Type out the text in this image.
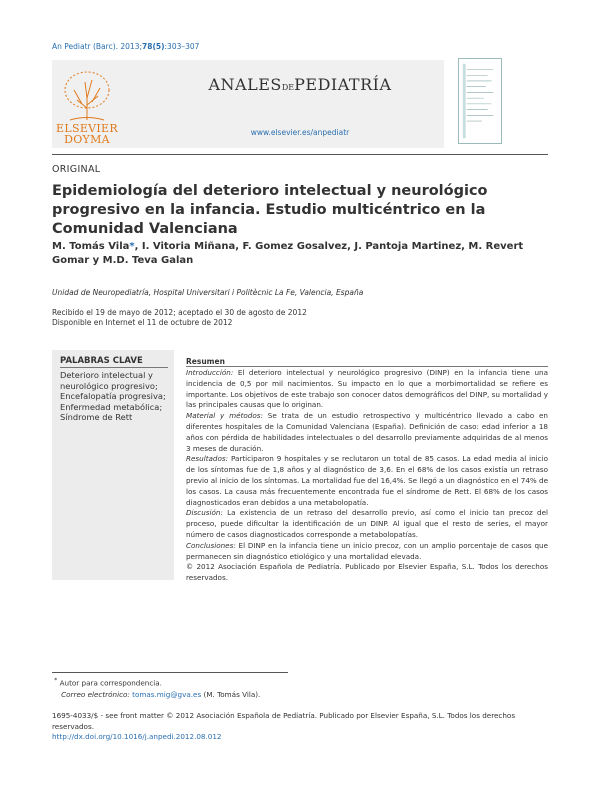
An Pediatr (Barc). 2013;78(5):303–307
ELSEVIER
DOYMA
ANALESDEPEDIATRÍA
www.elsevier.es/anpediatr
ORIGINAL
Epidemiología del deterioro intelectual y neurológico progresivo en la infancia. Estudio multicéntrico en la Comunidad Valenciana
M. Tomás Vila*, I. Vitoria Miñana, F. Gomez Gosalvez, J. Pantoja Martinez, M. Revert Gomar y M.D. Teva Galan
Unidad de Neuropediatría, Hospital Universitari i Politècnic La Fe, Valencia, España
Recibido el 19 de mayo de 2012; aceptado el 30 de agosto de 2012
Disponible en Internet el 11 de octubre de 2012
PALABRAS CLAVE
Deterioro intelectual y neurológico progresivo;
Encefalopatía progresiva;
Enfermedad metabólica;
Síndrome de Rett
Resumen

Introducción: El deterioro intelectual y neurológico progresivo (DINP) en la infancia tiene una incidencia de 0,5 por mil nacimientos. Su impacto en lo que a morbimortalidad se refiere es importante. Los objetivos de este trabajo son conocer datos demográficos del DINP, su mortalidad y las principales causas que lo originan.

Material y métodos: Se trata de un estudio retrospectivo y multicéntrico llevado a cabo en diferentes hospitales de la Comunidad Valenciana (España). Definición de caso: edad inferior a 18 años con pérdida de habilidades intelectuales o del desarrollo previamente adquiridas de al menos 3 meses de duración.

Resultados: Participaron 9 hospitales y se reclutaron un total de 85 casos. La edad media al inicio de los síntomas fue de 1,8 años y al diagnóstico de 3,6. En el 68% de los casos existía un retraso previo al inicio de los síntomas. La mortalidad fue del 16,4%. Se llegó a un diagnóstico en el 74% de los casos. La causa más frecuentemente encontrada fue el síndrome de Rett. El 68% de los casos diagnosticados eran debidos a una metabolopatía.

Discusión: La existencia de un retraso del desarrollo previo, así como el inicio tan precoz del proceso, puede dificultar la identificación de un DINP. Al igual que el resto de series, el mayor número de casos diagnosticados corresponde a metabolopatías.

Conclusiones: El DINP en la infancia tiene un inicio precoz, con un amplio porcentaje de casos que permanecen sin diagnóstico etiológico y una mortalidad elevada.

© 2012 Asociación Española de Pediatría. Publicado por Elsevier España, S.L. Todos los derechos reservados.

* Autor para correspondencia.
Correo electrónico: tomas.mig@gva.es (M. Tomás Vila).
1695-4033/$ - see front matter © 2012 Asociación Española de Pediatría. Publicado por Elsevier España, S.L. Todos los derechos reservados.
http://dx.doi.org/10.1016/j.anpedi.2012.08.012
